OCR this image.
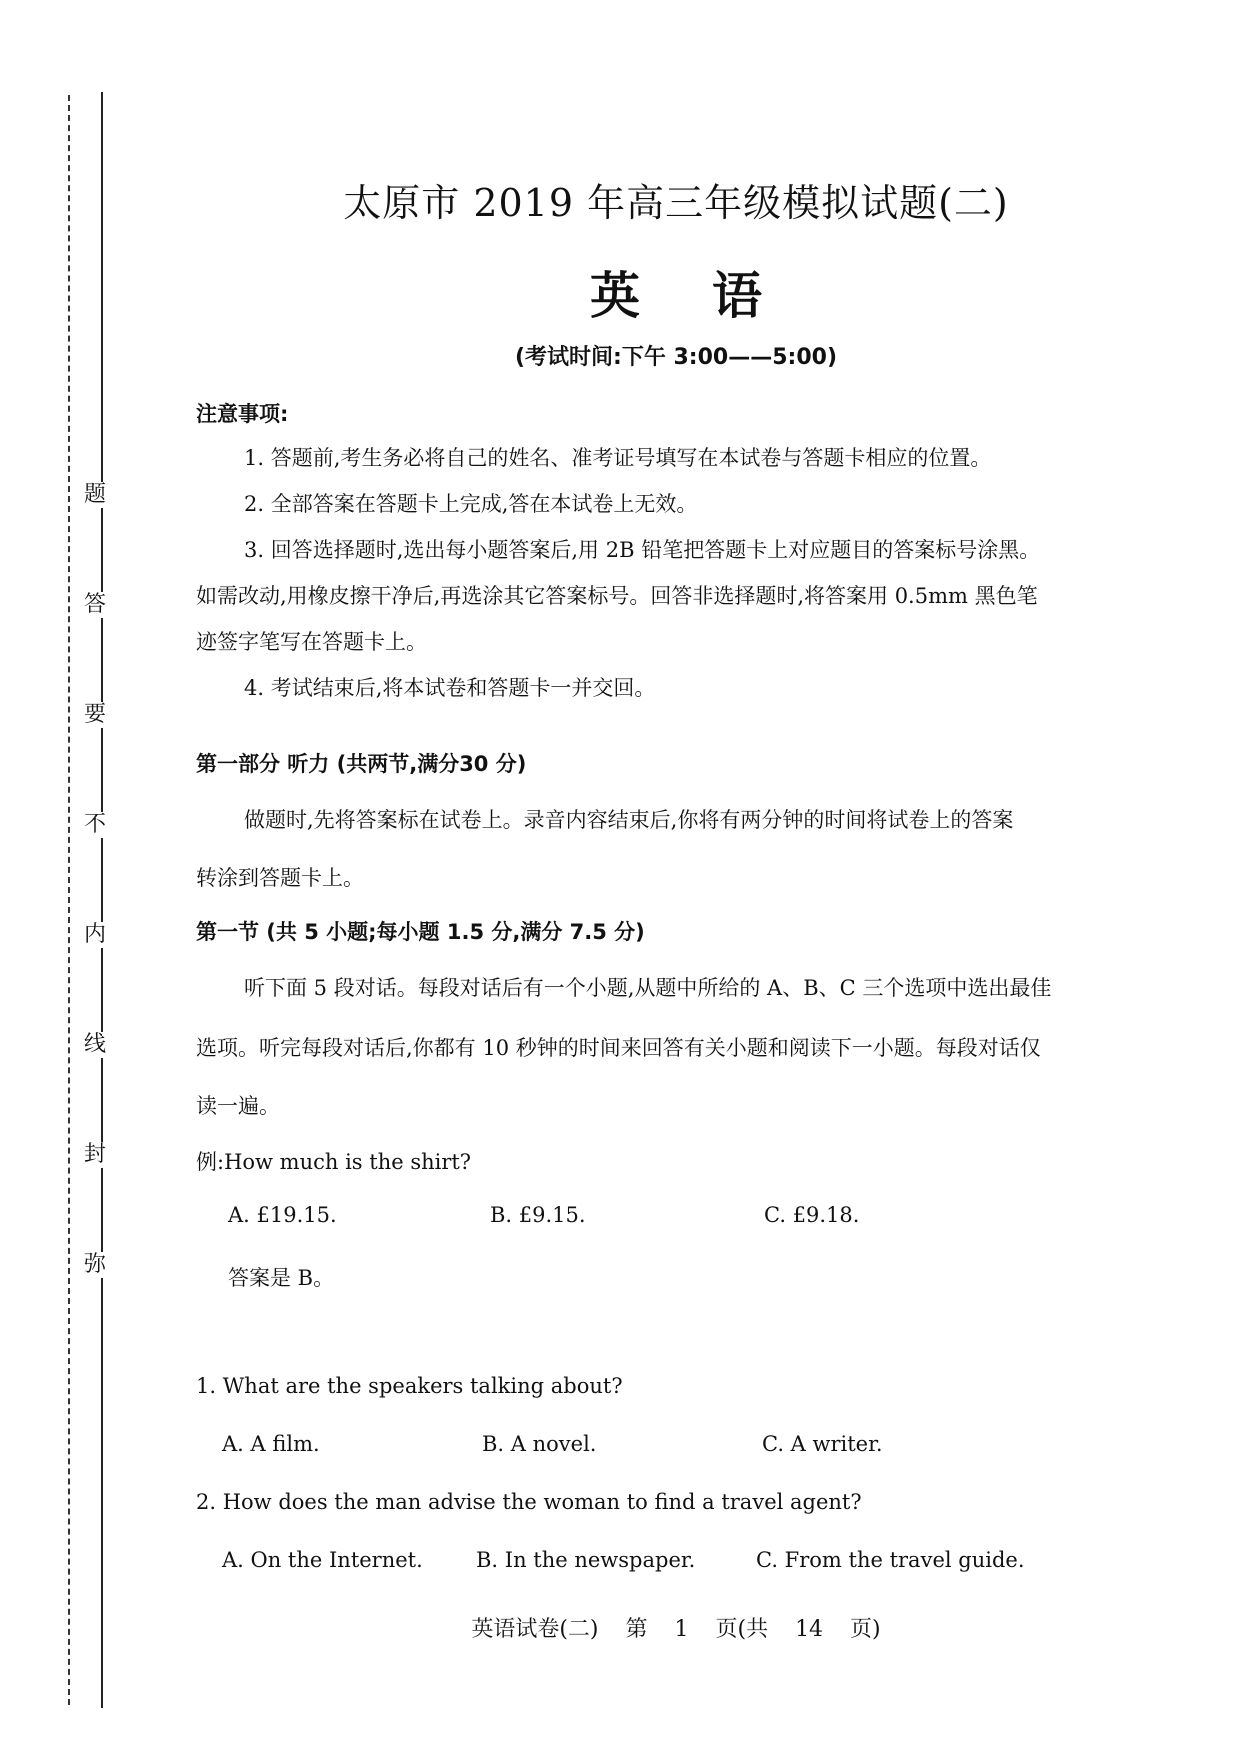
题
答
要
不
内
线
封
弥
太原市 2019 年高三年级模拟试题(二)
英语
(考试时间:下午 3:00——5:00)
注意事项:
1. 答题前,考生务必将自己的姓名、准考证号填写在本试卷与答题卡相应的位置。
2. 全部答案在答题卡上完成,答在本试卷上无效。
3. 回答选择题时,选出每小题答案后,用 2B 铅笔把答题卡上对应题目的答案标号涂黑。
如需改动,用橡皮擦干净后,再选涂其它答案标号。回答非选择题时,将答案用 0.5mm 黑色笔
迹签字笔写在答题卡上。
4. 考试结束后,将本试卷和答题卡一并交回。
第一部分 听力 (共两节,满分30 分)
做题时,先将答案标在试卷上。录音内容结束后,你将有两分钟的时间将试卷上的答案
转涂到答题卡上。
第一节 (共 5 小题;每小题 1.5 分,满分 7.5 分)
听下面 5 段对话。每段对话后有一个小题,从题中所给的 A、B、C 三个选项中选出最佳
选项。听完每段对话后,你都有 10 秒钟的时间来回答有关小题和阅读下一小题。每段对话仅
读一遍。
例:How much is the shirt?
A. £19.15.	B. £9.15.	C. £9.18.
答案是 B。
1. What are the speakers talking about?
A. A film.	B. A novel.	C. A writer.
2. How does the man advise the woman to find a travel agent?
A. On the Internet.	B. In the newspaper.	C. From the travel guide.
英语试卷(二) 第 1 页(共 14 页)
